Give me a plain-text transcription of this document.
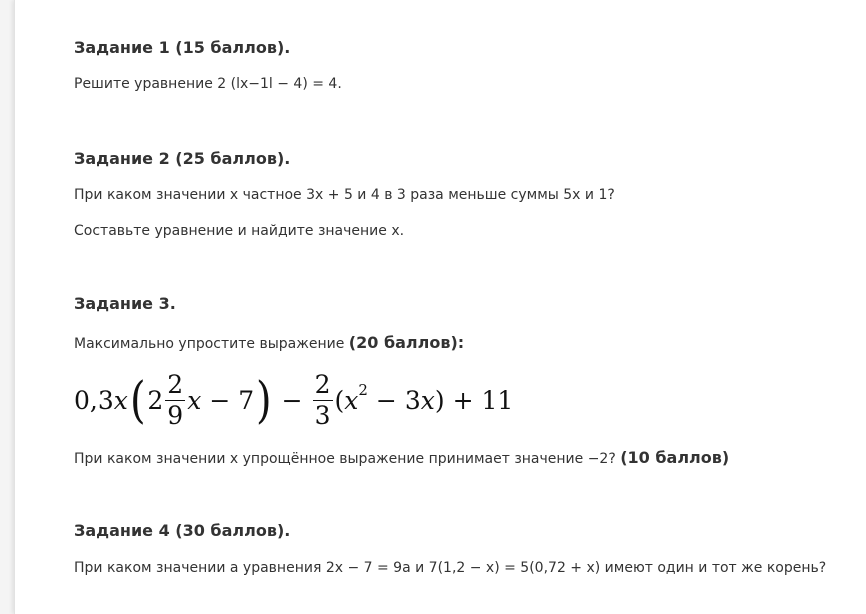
Задание 1 (15 баллов).
Решите уравнение 2 (lx−1l − 4) = 4.
Задание 2 (25 баллов).
При каком значении х частное 3х + 5 и 4 в 3 раза меньше суммы 5х и 1?
Составьте уравнение и найдите значение х.
Задание 3.
Максимально упростите выражение (20 баллов):
0,3 x ( $2 \frac{2}{9}$ x − 7 ) − $\frac{2}{3}$ ( x 2 − 3 x ) + 11
При каком значении х упрощённое выражение принимает значение −2? (10 баллов)
Задание 4 (30 баллов).
При каком значении а уравнения 2х − 7 = 9а и 7(1,2 − х) = 5(0,72 + х) имеют один и тот же корень?
